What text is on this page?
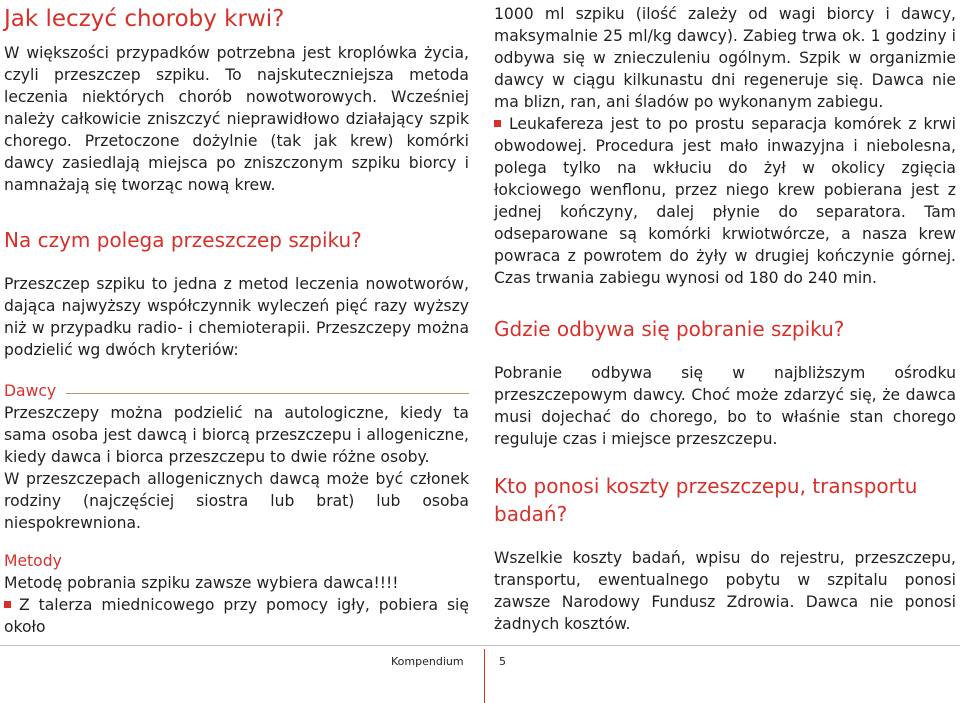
Jak leczyć choroby krwi?

W większości przypadków potrzebna jest kroplówka życia, czyli przeszczep szpiku. To najskuteczniejsza metoda leczenia niektórych chorób nowotworowych. Wcześniej należy całkowicie zniszczyć nieprawidłowo działający szpik chorego. Przetoczone dożylnie (tak jak krew) komórki dawcy zasiedlają miejsca po zniszczonym szpiku biorcy i namnażają się tworząc nową krew.

Na czym polega przeszczep szpiku?

Przeszczep szpiku to jedna z metod leczenia nowotworów, dająca najwyższy współczynnik wyleczeń pięć razy wyższy niż w przypadku radio- i chemioterapii. Przeszczepy można podzielić wg dwóch kryteriów:

Dawcy

Przeszczepy można podzielić na autologiczne, kiedy ta sama osoba jest dawcą i biorcą przeszczepu i allogeniczne, kiedy dawca i biorca przeszczepu to dwie różne osoby.

W przeszczepach allogenicznych dawcą może być członek rodziny (najczęściej siostra lub brat) lub osoba niespokrewniona.

Metody

Metodę pobrania szpiku zawsze wybiera dawca!!!!

Z talerza miednicowego przy pomocy igły, pobiera się około

1000 ml szpiku (ilość zależy od wagi biorcy i dawcy, maksymalnie 25 ml/kg dawcy). Zabieg trwa ok. 1 godziny i odbywa się w znieczuleniu ogólnym. Szpik w organizmie dawcy w ciągu kilkunastu dni regeneruje się. Dawca nie ma blizn, ran, ani śladów po wykonanym zabiegu.

Leukafereza jest to po prostu separacja komórek z krwi obwodowej. Procedura jest mało inwazyjna i niebolesna, polega tylko na wkłuciu do żył w okolicy zgięcia łokciowego wenflonu, przez niego krew pobierana jest z jednej kończyny, dalej płynie do separatora. Tam odseparowane są komórki krwiotwórcze, a nasza krew powraca z powrotem do żyły w drugiej kończynie górnej. Czas trwania zabiegu wynosi od 180 do 240 min.

Gdzie odbywa się pobranie szpiku?

Pobranie odbywa się w najbliższym ośrodku przeszczepowym dawcy. Choć może zdarzyć się, że dawca musi dojechać do chorego, bo to właśnie stan chorego reguluje czas i miejsce przeszczepu.

Kto ponosi koszty przeszczepu, transportu badań?

Wszelkie koszty badań, wpisu do rejestru, przeszczepu, transportu, ewentualnego pobytu w szpitalu ponosi zawsze Narodowy Fundusz Zdrowia. Dawca nie ponosi żadnych kosztów.

Kompendium	5
